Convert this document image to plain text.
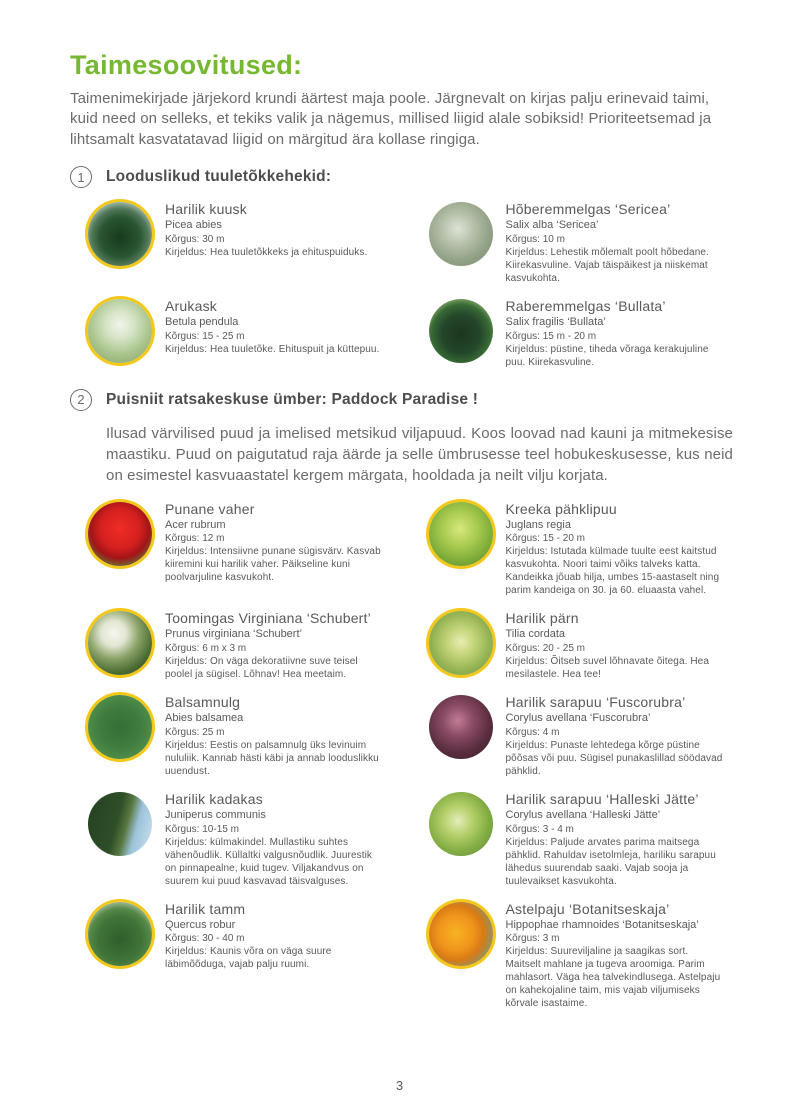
Taimesoovitused:

Taimenimekirjade järjekord krundi äärtest maja poole. Järgnevalt on kirjas palju erinevaid taimi, kuid need on selleks, et tekiks valik ja nägemus, millised liigid alale sobiksid! Prioriteetsemad ja lihtsamalt kasvatatavad liigid on märgitud ära kollase ringiga.

1	Looduslikud tuuletõkkehekid:
Harilik kuusk
Picea abies
Kõrgus: 30 m
Kirjeldus: Hea tuuletõkkeks ja ehituspuiduks.
Hõberemmelgas ‘Sericea’
Salix alba ‘Sericea’
Kõrgus: 10 m
Kirjeldus: Lehestik mõlemalt poolt hõbedane. Kiirekasvuline. Vajab täispäikest ja niiskemat kasvukohta.
Arukask
Betula pendula
Kõrgus: 15 - 25 m
Kirjeldus: Hea tuuletõke. Ehituspuit ja küttepuu.
Raberemmelgas ‘Bullata’
Salix fragilis ‘Bullata’
Kõrgus: 15 m - 20 m
Kirjeldus: püstine, tiheda võraga kerakujuline puu. Kiirekasvuline.
2	Puisniit ratsakeskuse ümber: Paddock Paradise !

Ilusad värvilised puud ja imelised metsikud viljapuud. Koos loovad nad kauni ja mitmekesise maastiku. Puud on paigutatud raja äärde ja selle ümbrusesse teel hobukeskusesse, kus neid on esimestel kasvuaastatel kergem märgata, hooldada ja neilt vilju korjata.

Punane vaher
Acer rubrum
Kõrgus: 12 m
Kirjeldus: Intensiivne punane sügisvärv. Kasvab kiiremini kui harilik vaher. Päikseline kuni poolvarjuline kasvukoht.
Kreeka pähklipuu
Juglans regia
Kõrgus: 15 - 20 m
Kirjeldus: Istutada külmade tuulte eest kaitstud kasvukohta. Noori taimi võiks talveks katta. Kandeikka jõuab hilja, umbes 15-aastaselt ning parim kandeiga on 30. ja 60. eluaasta vahel.
Toomingas Virginiana ‘Schubert’
Prunus virginiana ‘Schubert’
Kõrgus: 6 m x 3 m
Kirjeldus: On väga dekoratiivne suve teisel poolel ja sügisel. Lõhnav! Hea meetaim.
Harilik pärn
Tilia cordata
Kõrgus: 20 - 25 m
Kirjeldus: Õitseb suvel lõhnavate õitega. Hea mesilastele. Hea tee!
Balsamnulg
Abies balsamea
Kõrgus: 25 m
Kirjeldus: Eestis on palsamnulg üks levinuim nululiik. Kannab hästi käbi ja annab looduslikku uuendust.
Harilik sarapuu ‘Fuscorubra’
Corylus avellana ‘Fuscorubra’
Kõrgus: 4 m
Kirjeldus: Punaste lehtedega kõrge püstine põõsas või puu. Sügisel punakaslillad söödavad pähklid.
Harilik kadakas
Juniperus communis
Kõrgus: 10-15 m
Kirjeldus: külmakindel. Mullastiku suhtes vähenõudlik. Küllaltki valgusnõudlik. Juurestik on pinnapealne, kuid tugev. Viljakandvus on suurem kui puud kasvavad täisvalguses.
Harilik sarapuu ‘Halleski Jätte’
Corylus avellana ‘Halleski Jätte’
Kõrgus: 3 - 4 m
Kirjeldus: Paljude arvates parima maitsega pähklid. Rahuldav isetolmleja, hariliku sarapuu lähedus suurendab saaki. Vajab sooja ja tuulevaikset kasvukohta.
Harilik tamm
Quercus robur
Kõrgus: 30 - 40 m
Kirjeldus: Kaunis võra on väga suure läbimõõduga, vajab palju ruumi.
Astelpaju ‘Botanitseskaja’
Hippophae rhamnoides ‘Botanitseskaja’
Kõrgus: 3 m
Kirjeldus: Suureviljaline ja saagikas sort. Maitselt mahlane ja tugeva aroomiga. Parim mahlasort. Väga hea talvekindlusega. Astelpaju on kahekojaline taim, mis vajab viljumiseks kõrvale isastaime.
3
